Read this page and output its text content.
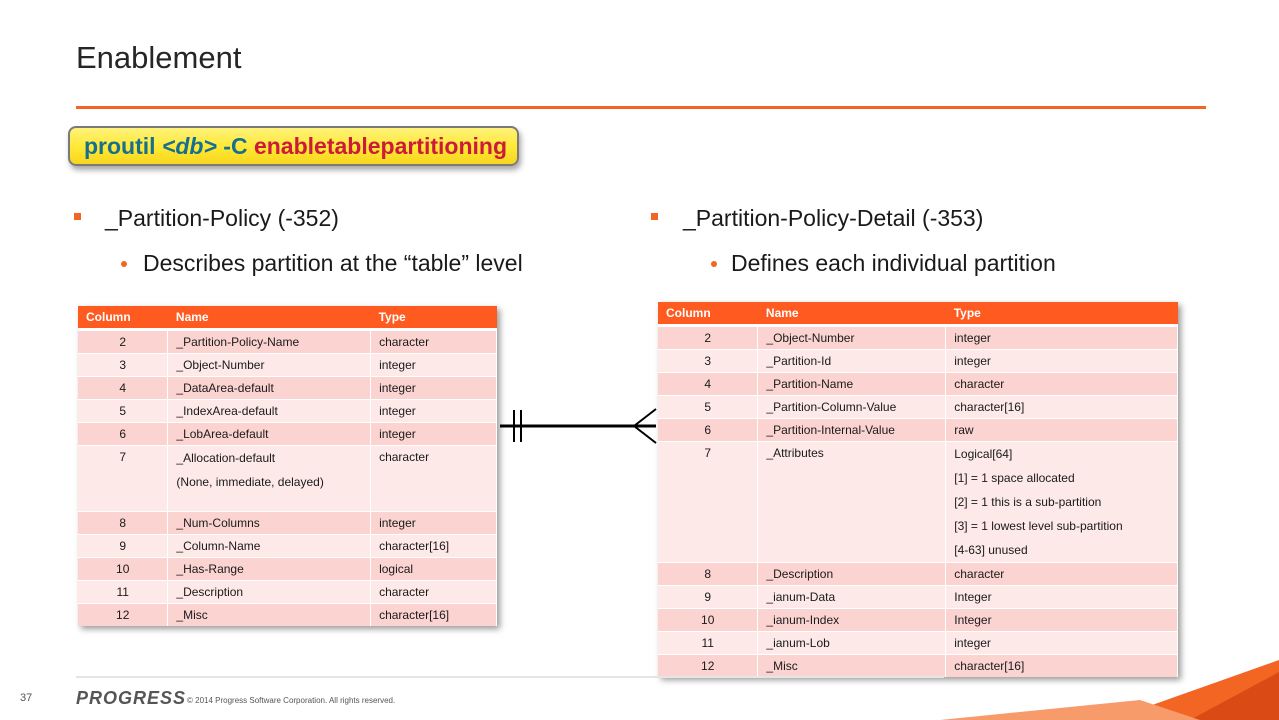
Enablement
proutil <db> -C enabletablepartitioning
_Partition-Policy (-352)
Describes partition at the “table” level
_Partition-Policy-Detail (-353)
Defines each individual partition
Column	Name	Type
2	_Partition-Policy-Name	character
3	_Object-Number	integer
4	_DataArea-default	integer
5	_IndexArea-default	integer
6	_LobArea-default	integer
7	_Allocation-default
(None, immediate, delayed)	character
8	_Num-Columns	integer
9	_Column-Name	character[16]
10	_Has-Range	logical
11	_Description	character
12	_Misc	character[16]
Column	Name	Type
2	_Object-Number	integer
3	_Partition-Id	integer
4	_Partition-Name	character
5	_Partition-Column-Value	character[16]
6	_Partition-Internal-Value	raw
7	_Attributes	Logical[64]
[1] = 1 space allocated
[2] = 1 this is a sub-partition
[3] = 1 lowest level sub-partition
[4-63] unused

8	_Description	character
9	_ianum-Data	Integer
10	_ianum-Index	Integer
11	_ianum-Lob	integer
12	_Misc	character[16]
37 PROGRESS © 2014 Progress Software Corporation. All rights reserved.
